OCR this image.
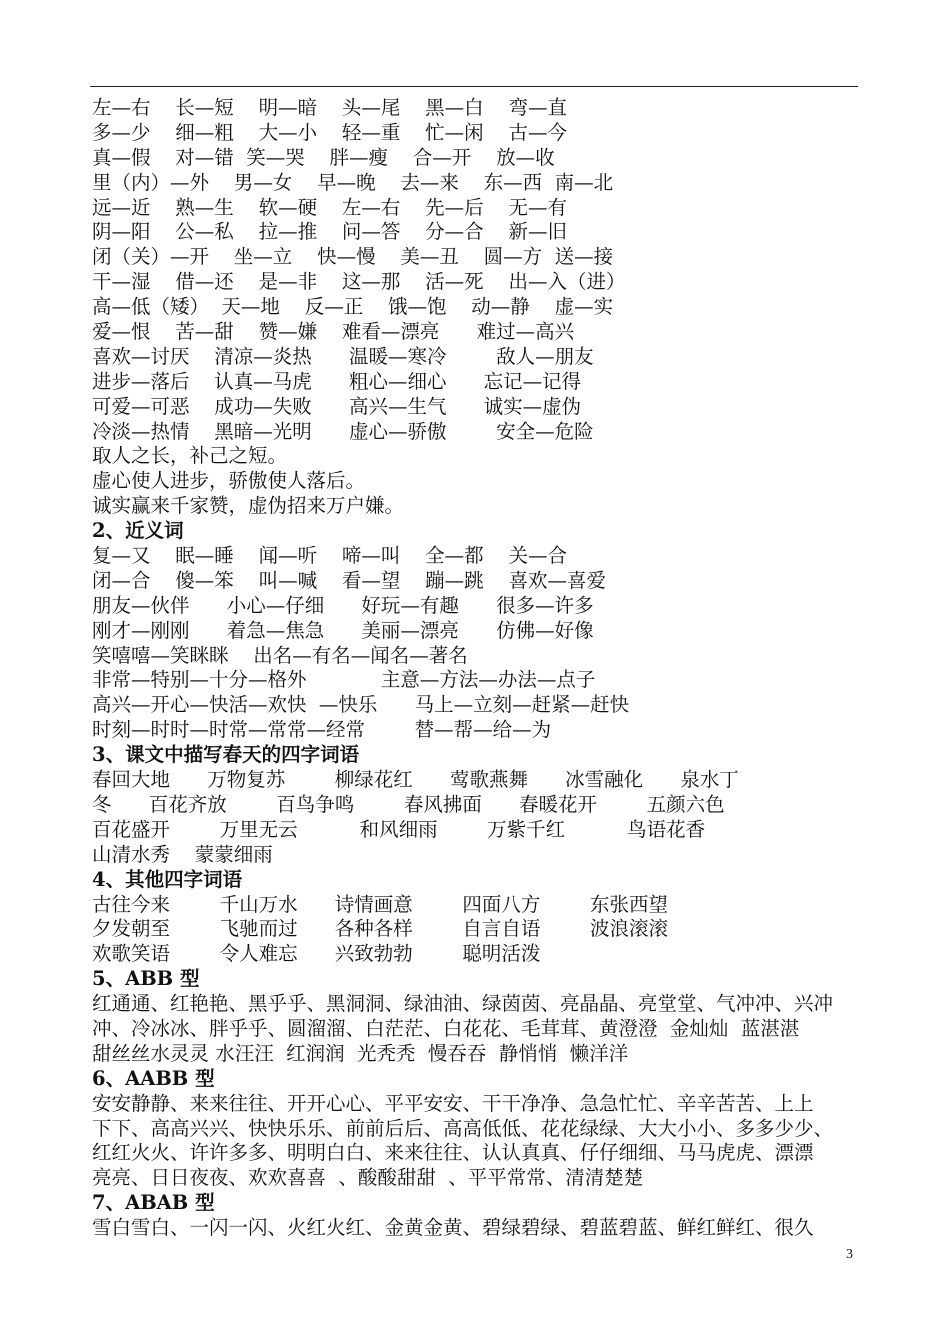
左—右    长—短    明—暗    头—尾    黑—白    弯—直
多—少    细—粗    大—小    轻—重    忙—闲    古—今
真—假    对—错  笑—哭    胖—瘦    合—开    放—收
里（内）—外    男—女    早—晚    去—来    东—西  南—北
远—近    熟—生    软—硬    左—右    先—后    无—有
阴—阳    公—私    拉—推    问—答    分—合    新—旧
闭（关）—开    坐—立    快—慢    美—丑    圆—方  送—接
干—湿    借—还    是—非    这—那    活—死    出—入（进）
高—低（矮）  天—地    反—正    饿—饱    动—静    虚—实
爱—恨    苦—甜    赞—嫌    难看—漂亮      难过—高兴
喜欢—讨厌    清凉—炎热      温暖—寒冷        敌人—朋友
进步—落后    认真—马虎      粗心—细心      忘记—记得
可爱—可恶    成功—失败      高兴—生气      诚实—虚伪
冷淡—热情    黑暗—光明      虚心—骄傲        安全—危险
取人之长，补己之短。
虚心使人进步，骄傲使人落后。
诚实赢来千家赞，虚伪招来万户嫌。
2、近义词
复—又    眠—睡    闻—听    啼—叫    全—都    关—合
闭—合    傻—笨    叫—喊    看—望    蹦—跳    喜欢—喜爱
朋友—伙伴      小心—仔细      好玩—有趣      很多—许多
刚才—刚刚      着急—焦急      美丽—漂亮      仿佛—好像
笑嘻嘻—笑眯眯    出名—有名—闻名—著名
非常—特别—十分—格外            主意—方法—办法—点子
高兴—开心—快活—欢快  —快乐      马上—立刻—赶紧—赶快
时刻—时时—时常—常常—经常        替—帮—给—为
3、课文中描写春天的四字词语
春回大地      万物复苏        柳绿花红      莺歌燕舞      冰雪融化      泉水丁
冬      百花齐放        百鸟争鸣        春风拂面      春暖花开        五颜六色
百花盛开        万里无云          和风细雨        万紫千红          鸟语花香
山清水秀    蒙蒙细雨
4、其他四字词语
古往今来        千山万水      诗情画意        四面八方        东张西望
夕发朝至        飞驰而过      各种各样        自言自语        波浪滚滚
欢歌笑语        令人难忘      兴致勃勃        聪明活泼
5、ABB 型
红通通、红艳艳、黑乎乎、黑洞洞、绿油油、绿茵茵、亮晶晶、亮堂堂、气冲冲、兴冲
冲、冷冰冰、胖乎乎、圆溜溜、白茫茫、白花花、毛茸茸、黄澄澄  金灿灿  蓝湛湛
甜丝丝水灵灵 水汪汪  红润润  光秃秃  慢吞吞  静悄悄  懒洋洋
6、AABB 型
安安静静、来来往往、开开心心、平平安安、干干净净、急急忙忙、辛辛苦苦、上上
下下、高高兴兴、快快乐乐、前前后后、高高低低、花花绿绿、大大小小、多多少少、
红红火火、许许多多、明明白白、来来往往、认认真真、仔仔细细、马马虎虎、漂漂
亮亮、日日夜夜、欢欢喜喜  、酸酸甜甜  、平平常常、清清楚楚
7、ABAB 型
雪白雪白、一闪一闪、火红火红、金黄金黄、碧绿碧绿、碧蓝碧蓝、鲜红鲜红、很久
3
